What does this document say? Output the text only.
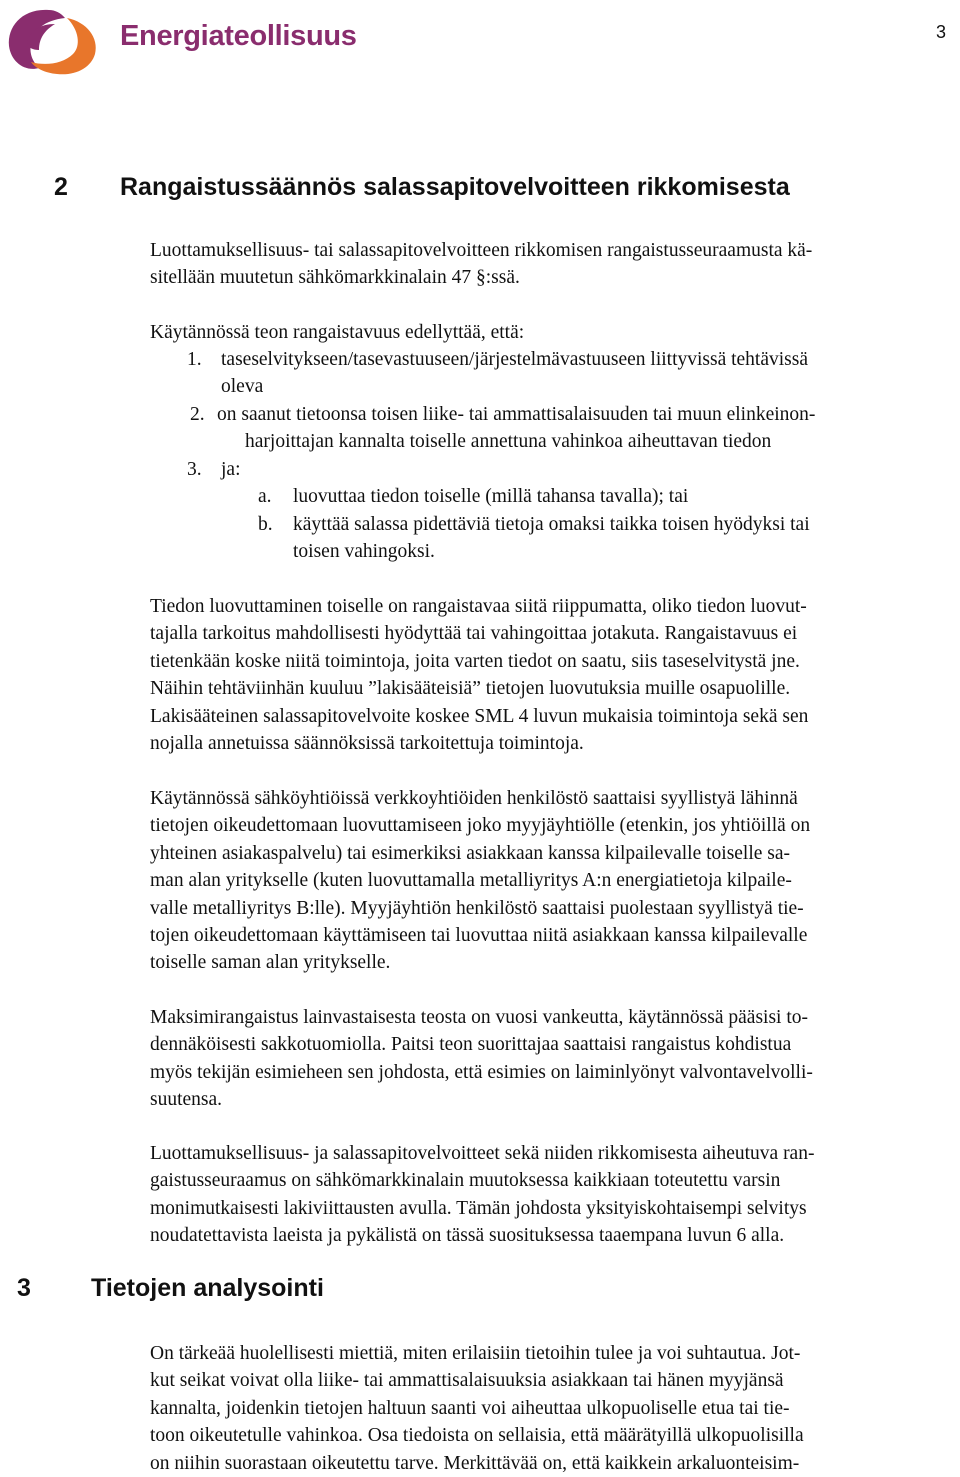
Energiateollisuus	3
2 Rangaistussäännös salassapitovelvoitteen rikkomisesta

Luottamuksellisuus- tai salassapitovelvoitteen rikkomisen rangaistusseuraamusta kä-
sitellään muutetun sähkömarkkinalain 47 §:ssä.

Käytännössä teon rangaistavuus edellyttää, että:

1. taseselvitykseen/tasevastuuseen/järjestelmävastuuseen liittyvissä tehtävissä
oleva
2. on saanut tietoonsa toisen liike- tai ammattisalaisuuden tai muun elinkeinon-
harjoittajan kannalta toiselle annettuna vahinkoa aiheuttavan tiedon
3. ja:
a. luovuttaa tiedon toiselle (millä tahansa tavalla); tai
b. käyttää salassa pidettäviä tietoja omaksi taikka toisen hyödyksi tai
toisen vahingoksi.

Tiedon luovuttaminen toiselle on rangaistavaa siitä riippumatta, oliko tiedon luovut-
tajalla tarkoitus mahdollisesti hyödyttää tai vahingoittaa jotakuta. Rangaistavuus ei
tietenkään koske niitä toimintoja, joita varten tiedot on saatu, siis taseselvitystä jne.
Näihin tehtäviinhän kuuluu ”lakisääteisiä” tietojen luovutuksia muille osapuolille.
Lakisääteinen salassapitovelvoite koskee SML 4 luvun mukaisia toimintoja sekä sen
nojalla annetuissa säännöksissä tarkoitettuja toimintoja.

Käytännössä sähköyhtiöissä verkkoyhtiöiden henkilöstö saattaisi syyllistyä lähinnä
tietojen oikeudettomaan luovuttamiseen joko myyjäyhtiölle (etenkin, jos yhtiöillä on
yhteinen asiakaspalvelu) tai esimerkiksi asiakkaan kanssa kilpailevalle toiselle sa-
man alan yritykselle (kuten luovuttamalla metalliyritys A:n energiatietoja kilpaile-
valle metalliyritys B:lle). Myyjäyhtiön henkilöstö saattaisi puolestaan syyllistyä tie-
tojen oikeudettomaan käyttämiseen tai luovuttaa niitä asiakkaan kanssa kilpailevalle
toiselle saman alan yritykselle.

Maksimirangaistus lainvastaisesta teosta on vuosi vankeutta, käytännössä pääsisi to-
dennäköisesti sakkotuomiolla. Paitsi teon suorittajaa saattaisi rangaistus kohdistua
myös tekijän esimieheen sen johdosta, että esimies on laiminlyönyt valvontavelvolli-
suutensa.

Luottamuksellisuus- ja salassapitovelvoitteet sekä niiden rikkomisesta aiheutuva ran-
gaistusseuraamus on sähkömarkkinalain muutoksessa kaikkiaan toteutettu varsin
monimutkaisesti lakiviittausten avulla. Tämän johdosta yksityiskohtaisempi selvitys
noudatettavista laeista ja pykälistä on tässä suosituksessa taaempana luvun 6 alla.

3 Tietojen analysointi

On tärkeää huolellisesti miettiä, miten erilaisiin tietoihin tulee ja voi suhtautua. Jot-
kut seikat voivat olla liike- tai ammattisalaisuuksia asiakkaan tai hänen myyjänsä
kannalta, joidenkin tietojen haltuun saanti voi aiheuttaa ulkopuoliselle etua tai tie-
toon oikeutetulle vahinkoa. Osa tiedoista on sellaisia, että määrätyillä ulkopuolisilla
on niihin suorastaan oikeutettu tarve. Merkittävää on, että kaikkein arkaluonteisim-
